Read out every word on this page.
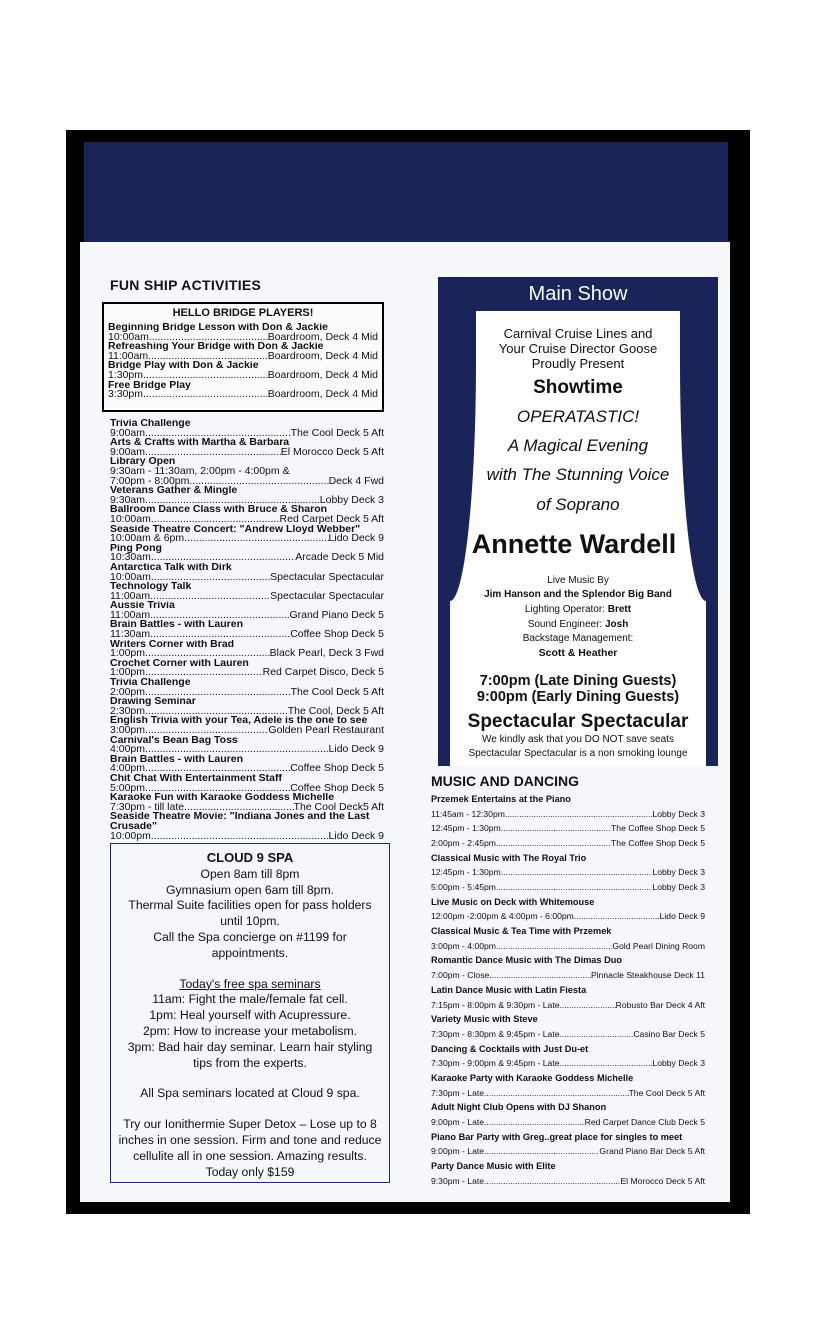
FUN SHIP ACTIVITIES
HELLO BRIDGE PLAYERS!
Beginning Bridge Lesson with Don & Jackie
10:00am .....	Boardroom, Deck 4 Mid
Refreashing Your Bridge with Don & Jackie
11:00am .....	Boardroom, Deck 4 Mid
Bridge Play with Don & Jackie
1:30pm .....	Boardroom, Deck 4 Mid
Free Bridge Play
3:30pm .....	Boardroom, Deck 4 Mid
Trivia Challenge
9:00am .....	The Cool Deck 5 Aft
Arts & Crafts with Martha & Barbara
9:00am .....	El Morocco Deck 5 Aft
Library Open
9:30am - 11:30am, 2:00pm - 4:00pm &
7:00pm - 8:00pm .....	Deck 4 Fwd
Veterans Gather & Mingle
9:30am .....	Lobby Deck 3
Ballroom Dance Class with Bruce & Sharon
10:00am .....	Red Carpet Deck 5 Aft
Seaside Theatre Concert: "Andrew Lloyd Webber"
10:00am & 6pm .....	Lido Deck 9
Ping Pong
10:30am .....	Arcade Deck 5 Mid
Antarctica Talk with Dirk
10:00am .....	Spectacular Spectacular
Technology Talk
11:00am .....	Spectacular Spectacular
Aussie Trivia
11:00am .....	Grand Piano Deck 5
Brain Battles - with Lauren
11:30am .....	Coffee Shop Deck 5
Writers Corner with Brad
1:00pm .....	Black Pearl, Deck 3 Fwd
Crochet Corner with Lauren
1:00pm .....	Red Carpet Disco, Deck 5
Trivia Challenge
2:00pm .....	The Cool Deck 5 Aft
Drawing Seminar
2:30pm .....	The Cool, Deck 5 Aft
English Trivia with your Tea, Adele is the one to see
3:00pm .....	Golden Pearl Restaurant
Carnival's Bean Bag Toss
4:00pm .....	Lido Deck 9
Brain Battles - with Lauren
4:00pm .....	Coffee Shop Deck 5
Chit Chat With Entertainment Staff
5:00pm .....	Coffee Shop Deck 5
Karaoke Fun with Karaoke Goddess Michelle
7:30pm - till late .....	The Cool Deck5 Aft
Seaside Theatre Movie: "Indiana Jones and the Last
Crusade"
10:00pm .....	Lido Deck 9
CLOUD 9 SPA

Open 8am till 8pm

Gymnasium open 6am till 8pm.

Thermal Suite facilities open for pass holders until 10pm.

Call the Spa concierge on #1199 for appointments.

Today's free spa seminars

11am: Fight the male/female fat cell.

1pm: Heal yourself with Acupressure.

2pm: How to increase your metabolism.

3pm: Bad hair day seminar. Learn hair styling tips from the experts.

All Spa seminars located at Cloud 9 spa.

Try our Ionithermie Super Detox – Lose up to 8 inches in one session. Firm and tone and reduce cellulite all in one session. Amazing results. Today only $159

Main Show
Carnival Cruise Lines and
Your Cruise Director Goose
Proudly Present
Showtime
OPERATASTIC!
A Magical Evening
with The Stunning Voice
of Soprano
Annette Wardell
Live Music By
Jim Hanson and the Splendor Big Band
Lighting Operator: Brett
Sound Engineer: Josh
Backstage Management:
Scott & Heather
7:00pm (Late Dining Guests)
9:00pm (Early Dining Guests)
Spectacular Spectacular
We kindly ask that you DO NOT save seats
Spectacular Spectacular is a non smoking lounge
MUSIC AND DANCING
Przemek Entertains at the Piano
11:45am - 12:30pm .....	Lobby Deck 3
12:45pm - 1:30pm .....	The Coffee Shop Deck 5
2:00pm - 2:45pm .....	The Coffee Shop Deck 5
Classical Music with The Royal Trio
12:45pm - 1:30pm .....	Lobby Deck 3
5:00pm - 5:45pm .....	Lobby Deck 3
Live Music on Deck with Whitemouse
12:00pm -2:00pm & 4:00pm - 6:00pm .....	Lido Deck 9
Classical Music & Tea Time with Przemek
3:00pm - 4:00pm .....	Gold Pearl Dining Room
Romantic Dance Music with The Dimas Duo
7:00pm - Close .....	Pinnacle Steakhouse Deck 11
Latin Dance Music with Latin Fiesta
7:15pm - 8:00pm & 9:30pm - Late .....	Robusto Bar Deck 4 Aft
Variety Music with Steve
7:30pm - 8:30pm & 9:45pm - Late .....	Casino Bar Deck 5
Dancing & Cocktails with Just Du-et
7:30pm - 9:00pm & 9:45pm - Late .....	Lobby Deck 3
Karaoke Party with Karaoke Goddess Michelle
7:30pm - Late .....	The Cool Deck 5 Aft
Adult Night Club Opens with DJ Shanon
9:00pm - Late .....	Red Carpet Dance Club Deck 5
Piano Bar Party with Greg..great place for singles to meet
9:00pm - Late .....	Grand Piano Bar Deck 5 Aft
Party Dance Music with Elite
9:30pm - Late .....	El Morocco Deck 5 Aft
